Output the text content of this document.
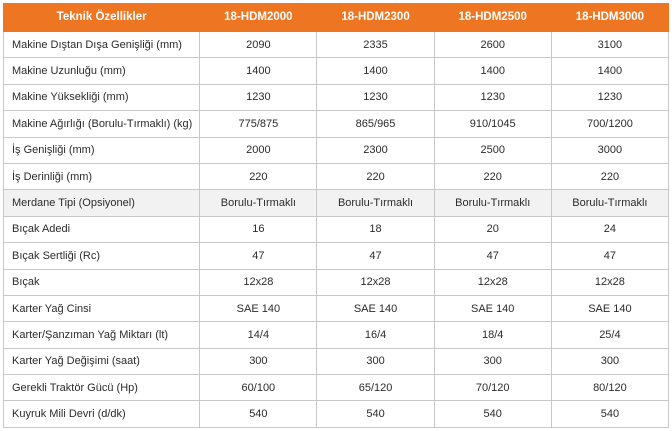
Teknik Özellikler	18-HDM2000	18-HDM2300	18-HDM2500	18-HDM3000
Makine Dıştan Dışa Genişliği (mm)	2090	2335	2600	3100
Makine Uzunluğu (mm)	1400	1400	1400	1400
Makine Yüksekliği (mm)	1230	1230	1230	1230
Makine Ağırlığı (Borulu-Tırmaklı) (kg)	775/875	865/965	910/1045	700/1200
İş Genişliği (mm)	2000	2300	2500	3000
İş Derinliği (mm)	220	220	220	220
Merdane Tipi (Opsiyonel)	Borulu-Tırmaklı	Borulu-Tırmaklı	Borulu-Tırmaklı	Borulu-Tırmaklı
Bıçak Adedi	16	18	20	24
Bıçak Sertliği (Rc)	47	47	47	47
Bıçak	12x28	12x28	12x28	12x28
Karter Yağ Cinsi	SAE 140	SAE 140	SAE 140	SAE 140
Karter/Şanzıman Yağ Miktarı (lt)	14/4	16/4	18/4	25/4
Karter Yağ Değişimi (saat)	300	300	300	300
Gerekli Traktör Gücü (Hp)	60/100	65/120	70/120	80/120
Kuyruk Mili Devri (d/dk)	540	540	540	540
